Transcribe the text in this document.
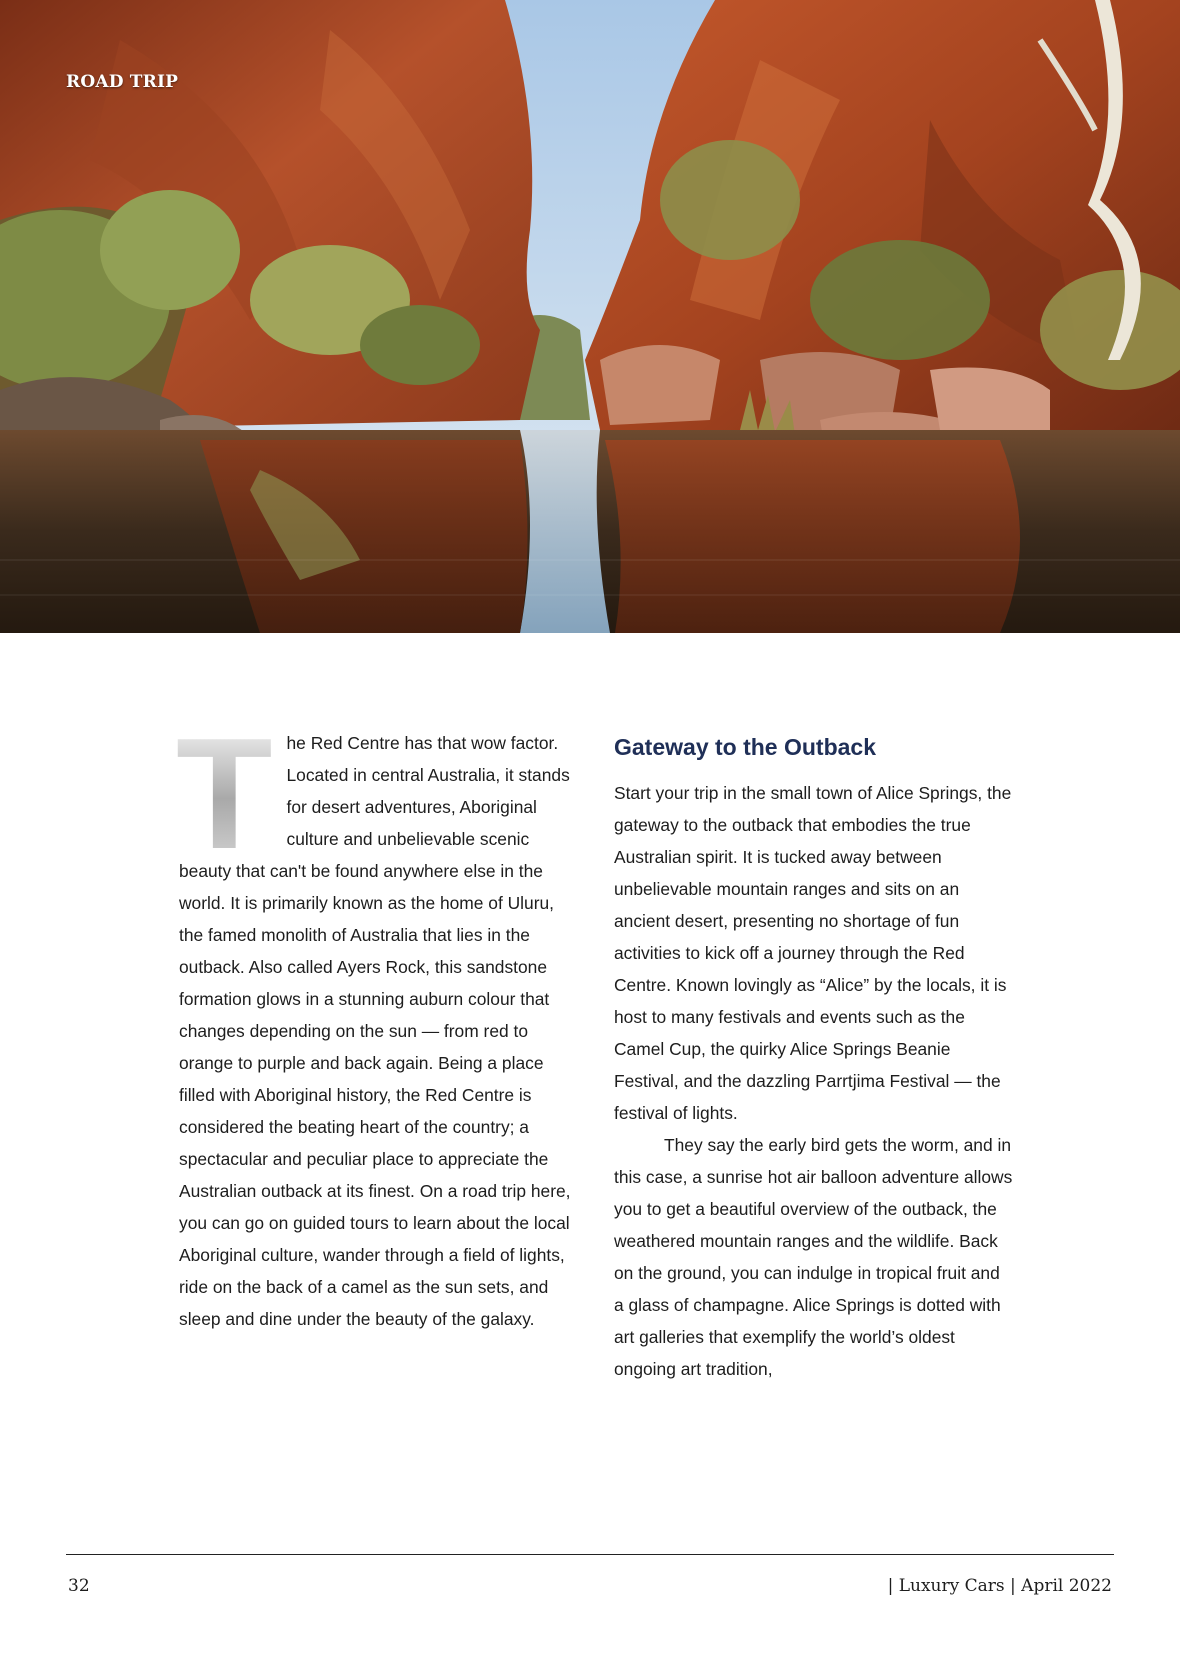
ROAD TRIP
T he Red Centre has that wow factor. Located in central Australia, it stands for desert adventures, Aboriginal culture and unbelievable scenic beauty that can't be found anywhere else in the world. It is primarily known as the home of Uluru, the famed monolith of Australia that lies in the outback. Also called Ayers Rock, this sandstone formation glows in a stunning auburn colour that changes depending on the sun — from red to orange to purple and back again. Being a place filled with Aboriginal history, the Red Centre is considered the beating heart of the country; a spectacular and peculiar place to appreciate the Australian outback at its finest. On a road trip here, you can go on guided tours to learn about the local Aboriginal culture, wander through a field of lights, ride on the back of a camel as the sun sets, and sleep and dine under the beauty of the galaxy.

Gateway to the Outback

Start your trip in the small town of Alice Springs, the gateway to the outback that embodies the true Australian spirit. It is tucked away between unbelievable mountain ranges and sits on an ancient desert, presenting no shortage of fun activities to kick off a journey through the Red Centre. Known lovingly as “Alice” by the locals, it is host to many festivals and events such as the Camel Cup, the quirky Alice Springs Beanie Festival, and the dazzling Parrtjima Festival — the festival of lights.

They say the early bird gets the worm, and in this case, a sunrise hot air balloon adventure allows you to get a beautiful overview of the outback, the weathered mountain ranges and the wildlife. Back on the ground, you can indulge in tropical fruit and a glass of champagne. Alice Springs is dotted with art galleries that exemplify the world’s oldest ongoing art tradition,

32	| Luxury Cars | April 2022
